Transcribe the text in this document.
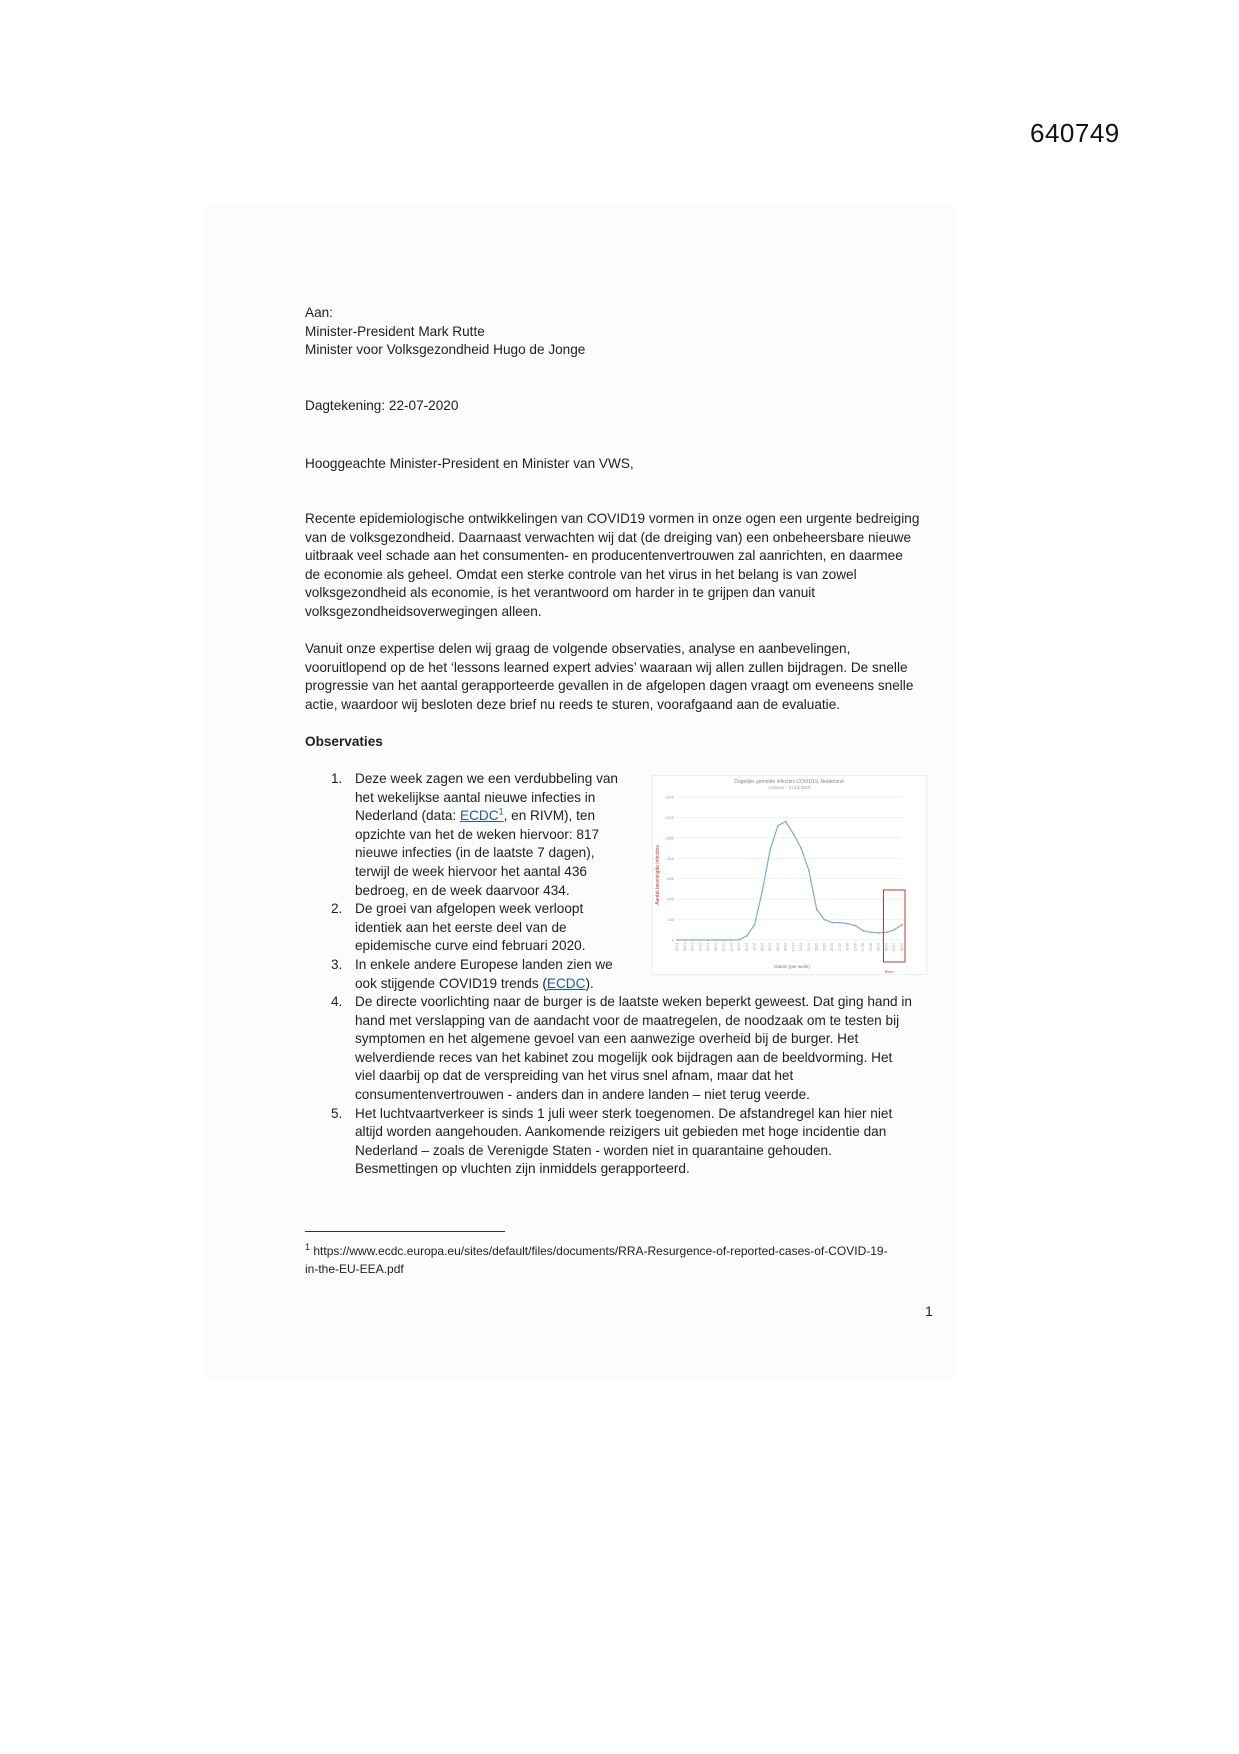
640749
Aan:
Minister-President Mark Rutte
Minister voor Volksgezondheid Hugo de Jonge
Dagtekening: 22-07-2020
Hooggeachte Minister-President en Minister van VWS,
Recente epidemiologische ontwikkelingen van COVID19 vormen in onze ogen een urgente bedreiging
van de volksgezondheid. Daarnaast verwachten wij dat (de dreiging van) een onbeheersbare nieuwe
uitbraak veel schade aan het consumenten- en producentenvertrouwen zal aanrichten, en daarmee
de economie als geheel. Omdat een sterke controle van het virus in het belang is van zowel
volksgezondheid als economie, is het verantwoord om harder in te grijpen dan vanuit
volksgezondheidsoverwegingen alleen.
Vanuit onze expertise delen wij graag de volgende observaties, analyse en aanbevelingen,
vooruitlopend op de het ‘lessons learned expert advies’ waaraan wij allen zullen bijdragen. De snelle
progressie van het aantal gerapporteerde gevallen in de afgelopen dagen vraagt om eveneens snelle
actie, waardoor wij besloten deze brief nu reeds te sturen, voorafgaand aan de evaluatie.
Observaties
1. Deze week zagen we een verdubbeling van
het wekelijkse aantal nieuwe infecties in
Nederland (data: ECDC$^1$, en RIVM), ten
opzichte van het de weken hiervoor: 817
nieuwe infecties (in de laatste 7 dagen),
terwijl de week hiervoor het aantal 436
bedroeg, en de week daarvoor 434.
2. De groei van afgelopen week verloopt
identiek aan het eerste deel van de
epidemische curve eind februari 2020.
3. In enkele andere Europese landen zien we
ook stijgende COVID19 trends (ECDC).
4. De directe voorlichting naar de burger is de laatste weken beperkt geweest. Dat ging hand in
hand met verslapping van de aandacht voor de maatregelen, de noodzaak om te testen bij
symptomen en het algemene gevoel van een aanwezige overheid bij de burger. Het
welverdiende reces van het kabinet zou mogelijk ook bijdragen aan de beeldvorming. Het
viel daarbij op dat de verspreiding van het virus snel afnam, maar dat het
consumentenvertrouwen - anders dan in andere landen – niet terug veerde.
5. Het luchtvaartverkeer is sinds 1 juli weer sterk toegenomen. De afstandregel kan hier niet
altijd worden aangehouden. Aankomende reizigers uit gebieden met hoge incidentie dan
Nederland – zoals de Verenigde Staten - worden niet in quarantaine gehouden.
Besmettingen op vluchten zijn inmiddels gerapporteerd.
Dagelijks gemelde infecties COVID19, Nederland
1 januari – 21 juli 2020
Aantal bevestigde infecties
Datum (per week)
Bron:
0
200
400
600
800
1000
1200
1400
01-01 08-01 15-01 22-01 29-01 05-02 12-02 19-02 26-02 04-03 11-03 18-03 25-03 01-04 08-04 15-04 22-04 29-04 06-05 13-05 20-05 27-05 03-06 10-06 17-06 24-06 01-07 08-07 15-07 21-07
$^1$ https://www.ecdc.europa.eu/sites/default/files/documents/RRA-Resurgence-of-reported-cases-of-COVID-19-
in-the-EU-EEA.pdf
1
